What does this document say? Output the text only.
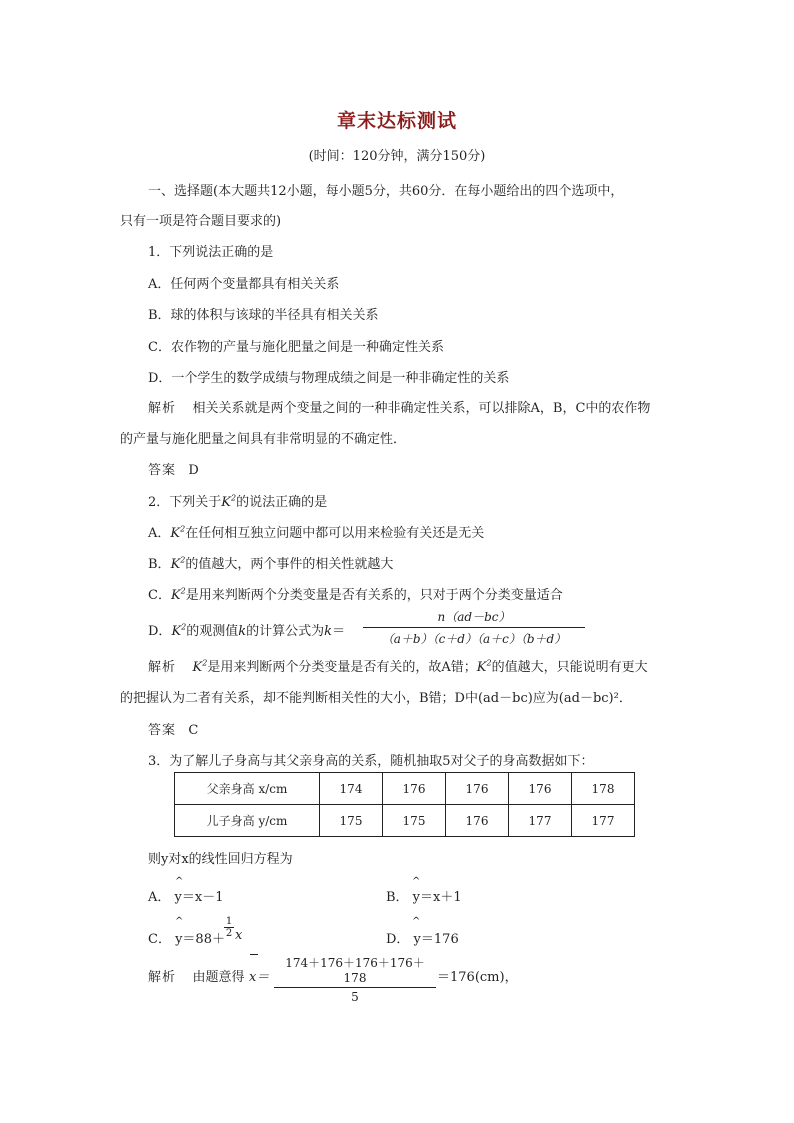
章末达标测试
(时间：120分钟，满分150分)
一、选择题(本大题共12小题，每小题5分，共60分．在每小题给出的四个选项中，
只有一项是符合题目要求的)
1．下列说法正确的是
A．任何两个变量都具有相关关系
B．球的体积与该球的半径具有相关关系
C．农作物的产量与施化肥量之间是一种确定性关系
D．一个学生的数学成绩与物理成绩之间是一种非确定性的关系
解析 相关关系就是两个变量之间的一种非确定性关系，可以排除A，B，C中的农作物
的产量与施化肥量之间具有非常明显的不确定性．
答案 D
2．下列关于$K^2$的说法正确的是
A．$K^2$在任何相互独立问题中都可以用来检验有关还是无关
B．$K^2$的值越大，两个事件的相关性就越大
C．$K^2$是用来判断两个分类变量是否有关系的，只对于两个分类变量适合
D．$K^2$的观测值k的计算公式为k＝
n（ad－bc）
（a＋b）（c＋d）（a＋c）（b＋d）
解析 $K^2$是用来判断两个分类变量是否有关的，故A错；$K^2$的值越大，只能说明有更大
的把握认为二者有关系，却不能判断相关性的大小，B错；D中(ad－bc)应为(ad－bc)²．
答案 C
3．为了解儿子身高与其父亲身高的关系，随机抽取5对父子的身高数据如下：
父亲身高 x/cm	174	176	176	176	178
儿子身高 y/cm	175	175	176	177	177
则y对x的线性回归方程为
^
A． y＝x－1
^
B． y＝x＋1
^
C． y＝88＋
1
2 x
^
D． y＝176
解析 由题意得 x＝
174＋176＋176＋176＋178
5
＝176(cm)，
